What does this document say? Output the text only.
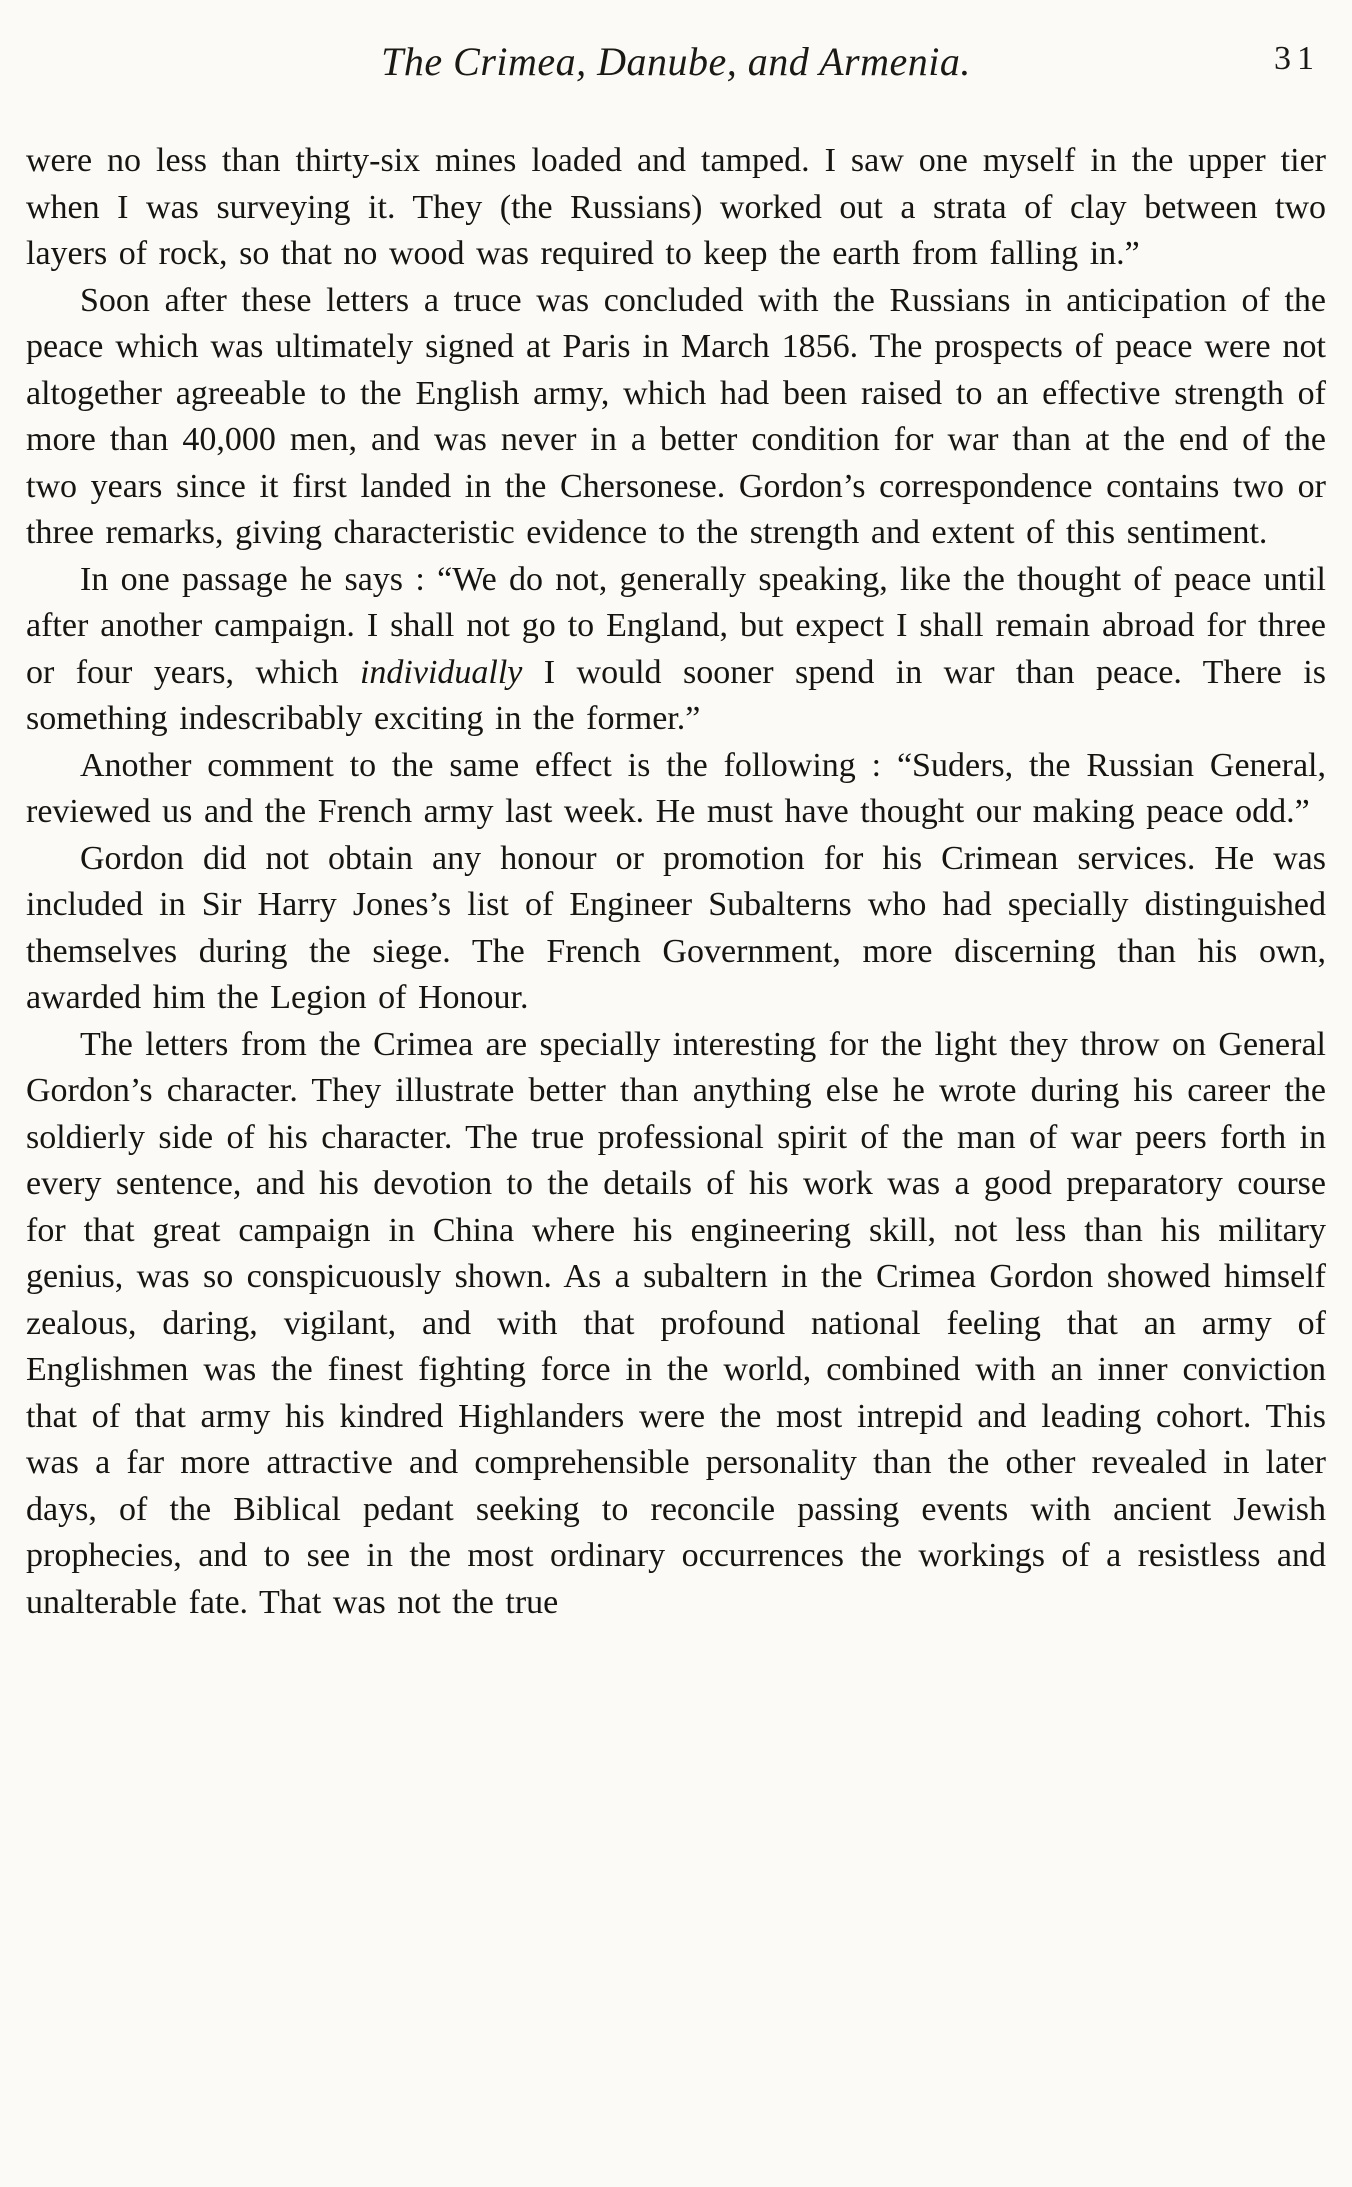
The Crimea, Danube, and Armenia.	31

were no less than thirty-six mines loaded and tamped. I saw one myself in the upper tier when I was surveying it. They (the Russians) worked out a strata of clay between two layers of rock, so that no wood was required to keep the earth from falling in.”

Soon after these letters a truce was concluded with the Russians in anticipation of the peace which was ultimately signed at Paris in March 1856. The prospects of peace were not altogether agreeable to the English army, which had been raised to an effective strength of more than 40,000 men, and was never in a better condition for war than at the end of the two years since it first landed in the Chersonese. Gordon’s correspondence contains two or three remarks, giving characteristic evidence to the strength and extent of this sentiment.

In one passage he says : “We do not, generally speaking, like the thought of peace until after another campaign. I shall not go to England, but expect I shall remain abroad for three or four years, which individually I would sooner spend in war than peace. There is something indescribably exciting in the former.”

Another comment to the same effect is the following : “Suders, the Russian General, reviewed us and the French army last week. He must have thought our making peace odd.”

Gordon did not obtain any honour or promotion for his Crimean services. He was included in Sir Harry Jones’s list of Engineer Subalterns who had specially distinguished themselves during the siege. The French Government, more discerning than his own, awarded him the Legion of Honour.

The letters from the Crimea are specially interesting for the light they throw on General Gordon’s character. They illustrate better than anything else he wrote during his career the soldierly side of his character. The true professional spirit of the man of war peers forth in every sentence, and his devotion to the details of his work was a good preparatory course for that great campaign in China where his engineering skill, not less than his military genius, was so conspicuously shown. As a subaltern in the Crimea Gordon showed himself zealous, daring, vigilant, and with that profound national feeling that an army of Englishmen was the finest fighting force in the world, combined with an inner conviction that of that army his kindred Highlanders were the most intrepid and leading cohort. This was a far more attractive and comprehensible personality than the other revealed in later days, of the Biblical pedant seeking to reconcile passing events with ancient Jewish prophecies, and to see in the most ordinary occurrences the workings of a resistless and unalterable fate. That was not the true
